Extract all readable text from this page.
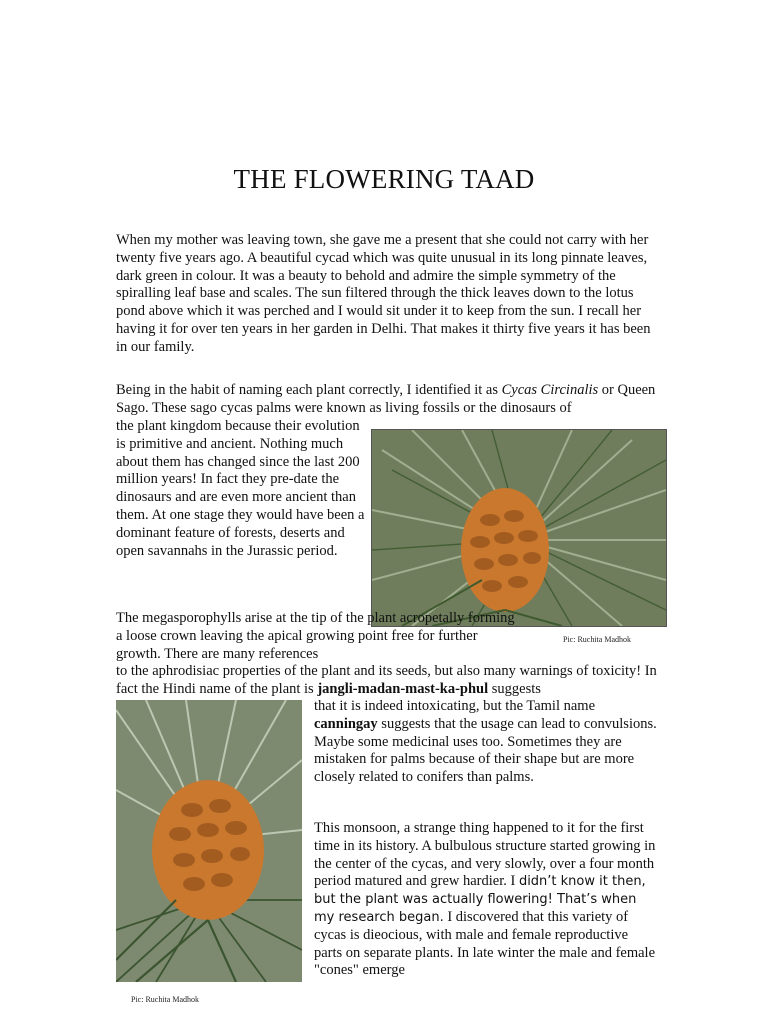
THE FLOWERING TAAD

When my mother was leaving town, she gave me a present that she could not carry with her twenty five years ago. A beautiful cycad which was quite unusual in its long pinnate leaves, dark green in colour. It was a beauty to behold and admire the simple symmetry of the spiralling leaf base and scales. The sun filtered through the thick leaves down to the lotus pond above which it was perched and I would sit under it to keep from the sun. I recall her having it for over ten years in her garden in Delhi. That makes it thirty five years it has been in our family.

Being in the habit of naming each plant correctly, I identified it as Cycas Circinalis or Queen Sago. These sago cycas palms were known as living fossils or the dinosaurs of

the plant kingdom because their evolution is primitive and ancient. Nothing much about them has changed since the last 200 million years! In fact they pre-date the dinosaurs and are even more ancient than them. At one stage they would have been a dominant feature of forests, deserts and open savannahs in the Jurassic period.

Pic: Ruchita Madhok

The megasporophylls arise at the tip of the plant acropetally forming a loose crown leaving the apical growing point free for further growth. There are many references

to the aphrodisiac properties of the plant and its seeds, but also many warnings of toxicity! In fact the Hindi name of the plant is jangli-madan-mast-ka-phul suggests

Pic: Ruchita Madhok

that it is indeed intoxicating, but the Tamil name canningay suggests that the usage can lead to convulsions. Maybe some medicinal uses too. Sometimes they are mistaken for palms because of their shape but are more closely related to conifers than palms.

This monsoon, a strange thing happened to it for the first time in its history. A bulbulous structure started growing in the center of the cycas, and very slowly, over a four month period matured and grew hardier. I didn’t know it then, but the plant was actually flowering! That’s when my research began. I discovered that this variety of cycas is dieocious, with male and female reproductive parts on separate plants. In late winter the male and female "cones" emerge
